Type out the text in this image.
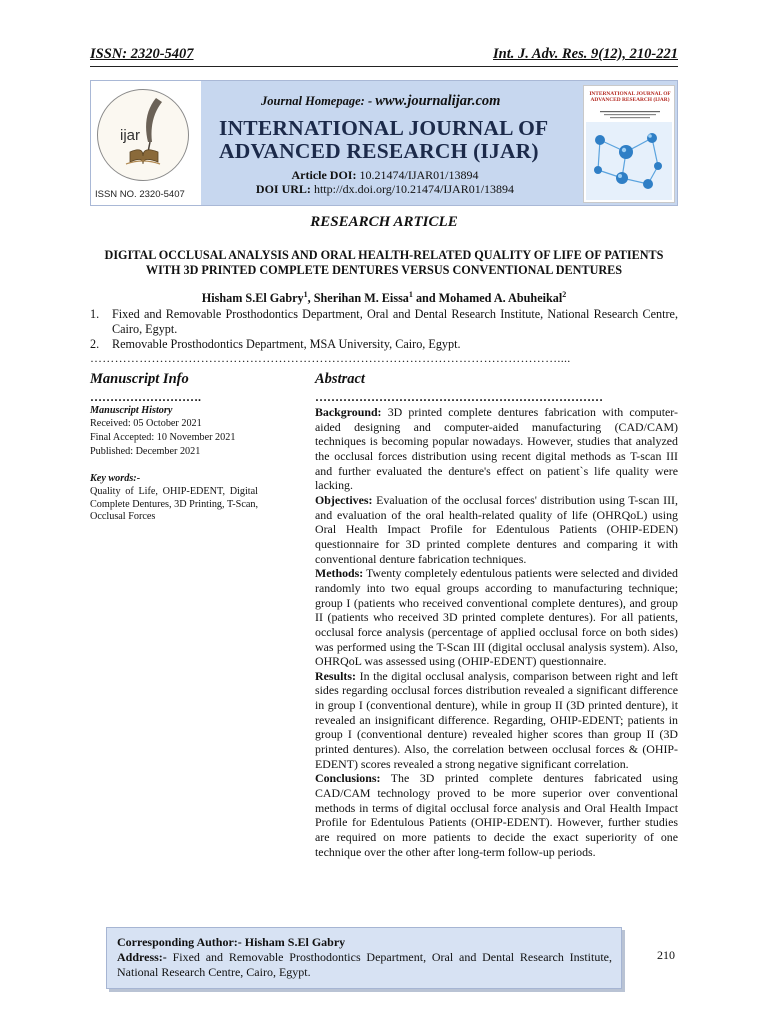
ISSN: 2320-5407	Int. J. Adv. Res. 9(12), 210-221
ijar
ISSN NO. 2320-5407
Journal Homepage: - www.journalijar.com
INTERNATIONAL JOURNAL OF
ADVANCED RESEARCH (IJAR)
Article DOI: 10.21474/IJAR01/13894
DOI URL: http://dx.doi.org/10.21474/IJAR01/13894
INTERNATIONAL JOURNAL OF ADVANCED RESEARCH (IJAR)
RESEARCH ARTICLE
DIGITAL OCCLUSAL ANALYSIS AND ORAL HEALTH-RELATED QUALITY OF LIFE OF PATIENTS WITH 3D PRINTED COMPLETE DENTURES VERSUS CONVENTIONAL DENTURES
Hisham S.El Gabry$^1$, Sherihan M. Eissa$^1$ and Mohamed A. Abuheikal$^2$
1. Fixed and Removable Prosthodontics Department, Oral and Dental Research Institute, National Research Centre, Cairo, Egypt.
2. Removable Prosthodontics Department, MSA University, Cairo, Egypt.
……………………………………………………………………………………………………....
Manuscript Info
……………………….
Manuscript History
Received: 05 October 2021
Final Accepted: 10 November 2021
Published: December 2021
Key words:-
Quality of Life, OHIP-EDENT, Digital Complete Dentures, 3D Printing, T-Scan, Occlusal Forces
Abstract
………………………………………………………………

Background: 3D printed complete dentures fabrication with computer-aided designing and computer-aided manufacturing (CAD/CAM) techniques is becoming popular nowadays. However, studies that analyzed the occlusal forces distribution using recent digital methods as T-scan III and further evaluated the denture's effect on patient`s life quality were lacking.

Objectives: Evaluation of the occlusal forces' distribution using T-scan III, and evaluation of the oral health-related quality of life (OHRQoL) using Oral Health Impact Profile for Edentulous Patients (OHIP-EDEN) questionnaire for 3D printed complete dentures and comparing it with conventional denture fabrication techniques.

Methods: Twenty completely edentulous patients were selected and divided randomly into two equal groups according to manufacturing technique; group I (patients who received conventional complete dentures), and group II (patients who received 3D printed complete dentures). For all patients, occlusal force analysis (percentage of applied occlusal force on both sides) was performed using the T-Scan III (digital occlusal analysis system). Also, OHRQoL was assessed using (OHIP-EDENT) questionnaire.

Results: In the digital occlusal analysis, comparison between right and left sides regarding occlusal forces distribution revealed a significant difference in group I (conventional denture), while in group II (3D printed denture), it revealed an insignificant difference. Regarding, OHIP-EDENT; patients in group I (conventional denture) revealed higher scores than group II (3D printed dentures). Also, the correlation between occlusal forces & (OHIP-EDENT) scores revealed a strong negative significant correlation.

Conclusions: The 3D printed complete dentures fabricated using CAD/CAM technology proved to be more superior over conventional methods in terms of digital occlusal force analysis and Oral Health Impact Profile for Edentulous Patients (OHIP-EDENT). However, further studies are required on more patients to decide the exact superiority of one technique over the other after long-term follow-up periods.

Corresponding Author:- Hisham S.El Gabry
Address:- Fixed and Removable Prosthodontics Department, Oral and Dental Research Institute, National Research Centre, Cairo, Egypt.
210
